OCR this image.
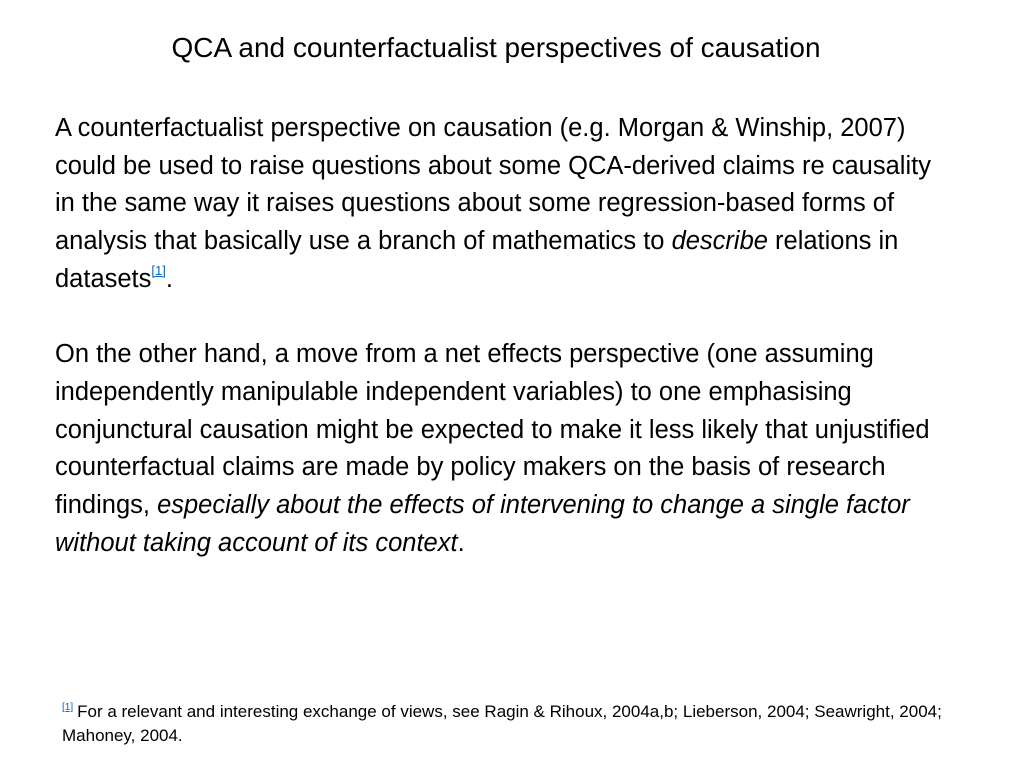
QCA and counterfactualist perspectives of causation

A counterfactualist perspective on causation (e.g. Morgan & Winship, 2007) could be used to raise questions about some QCA-derived claims re causality in the same way it raises questions about some regression-based forms of analysis that basically use a branch of mathematics to describe relations in datasets[1].

On the other hand, a move from a net effects perspective (one assuming independently manipulable independent variables) to one emphasising conjunctural causation might be expected to make it less likely that unjustified counterfactual claims are made by policy makers on the basis of research findings, especially about the effects of intervening to change a single factor without taking account of its context.

[1] For a relevant and interesting exchange of views, see Ragin & Rihoux, 2004a,b; Lieberson, 2004; Seawright, 2004; Mahoney, 2004.
